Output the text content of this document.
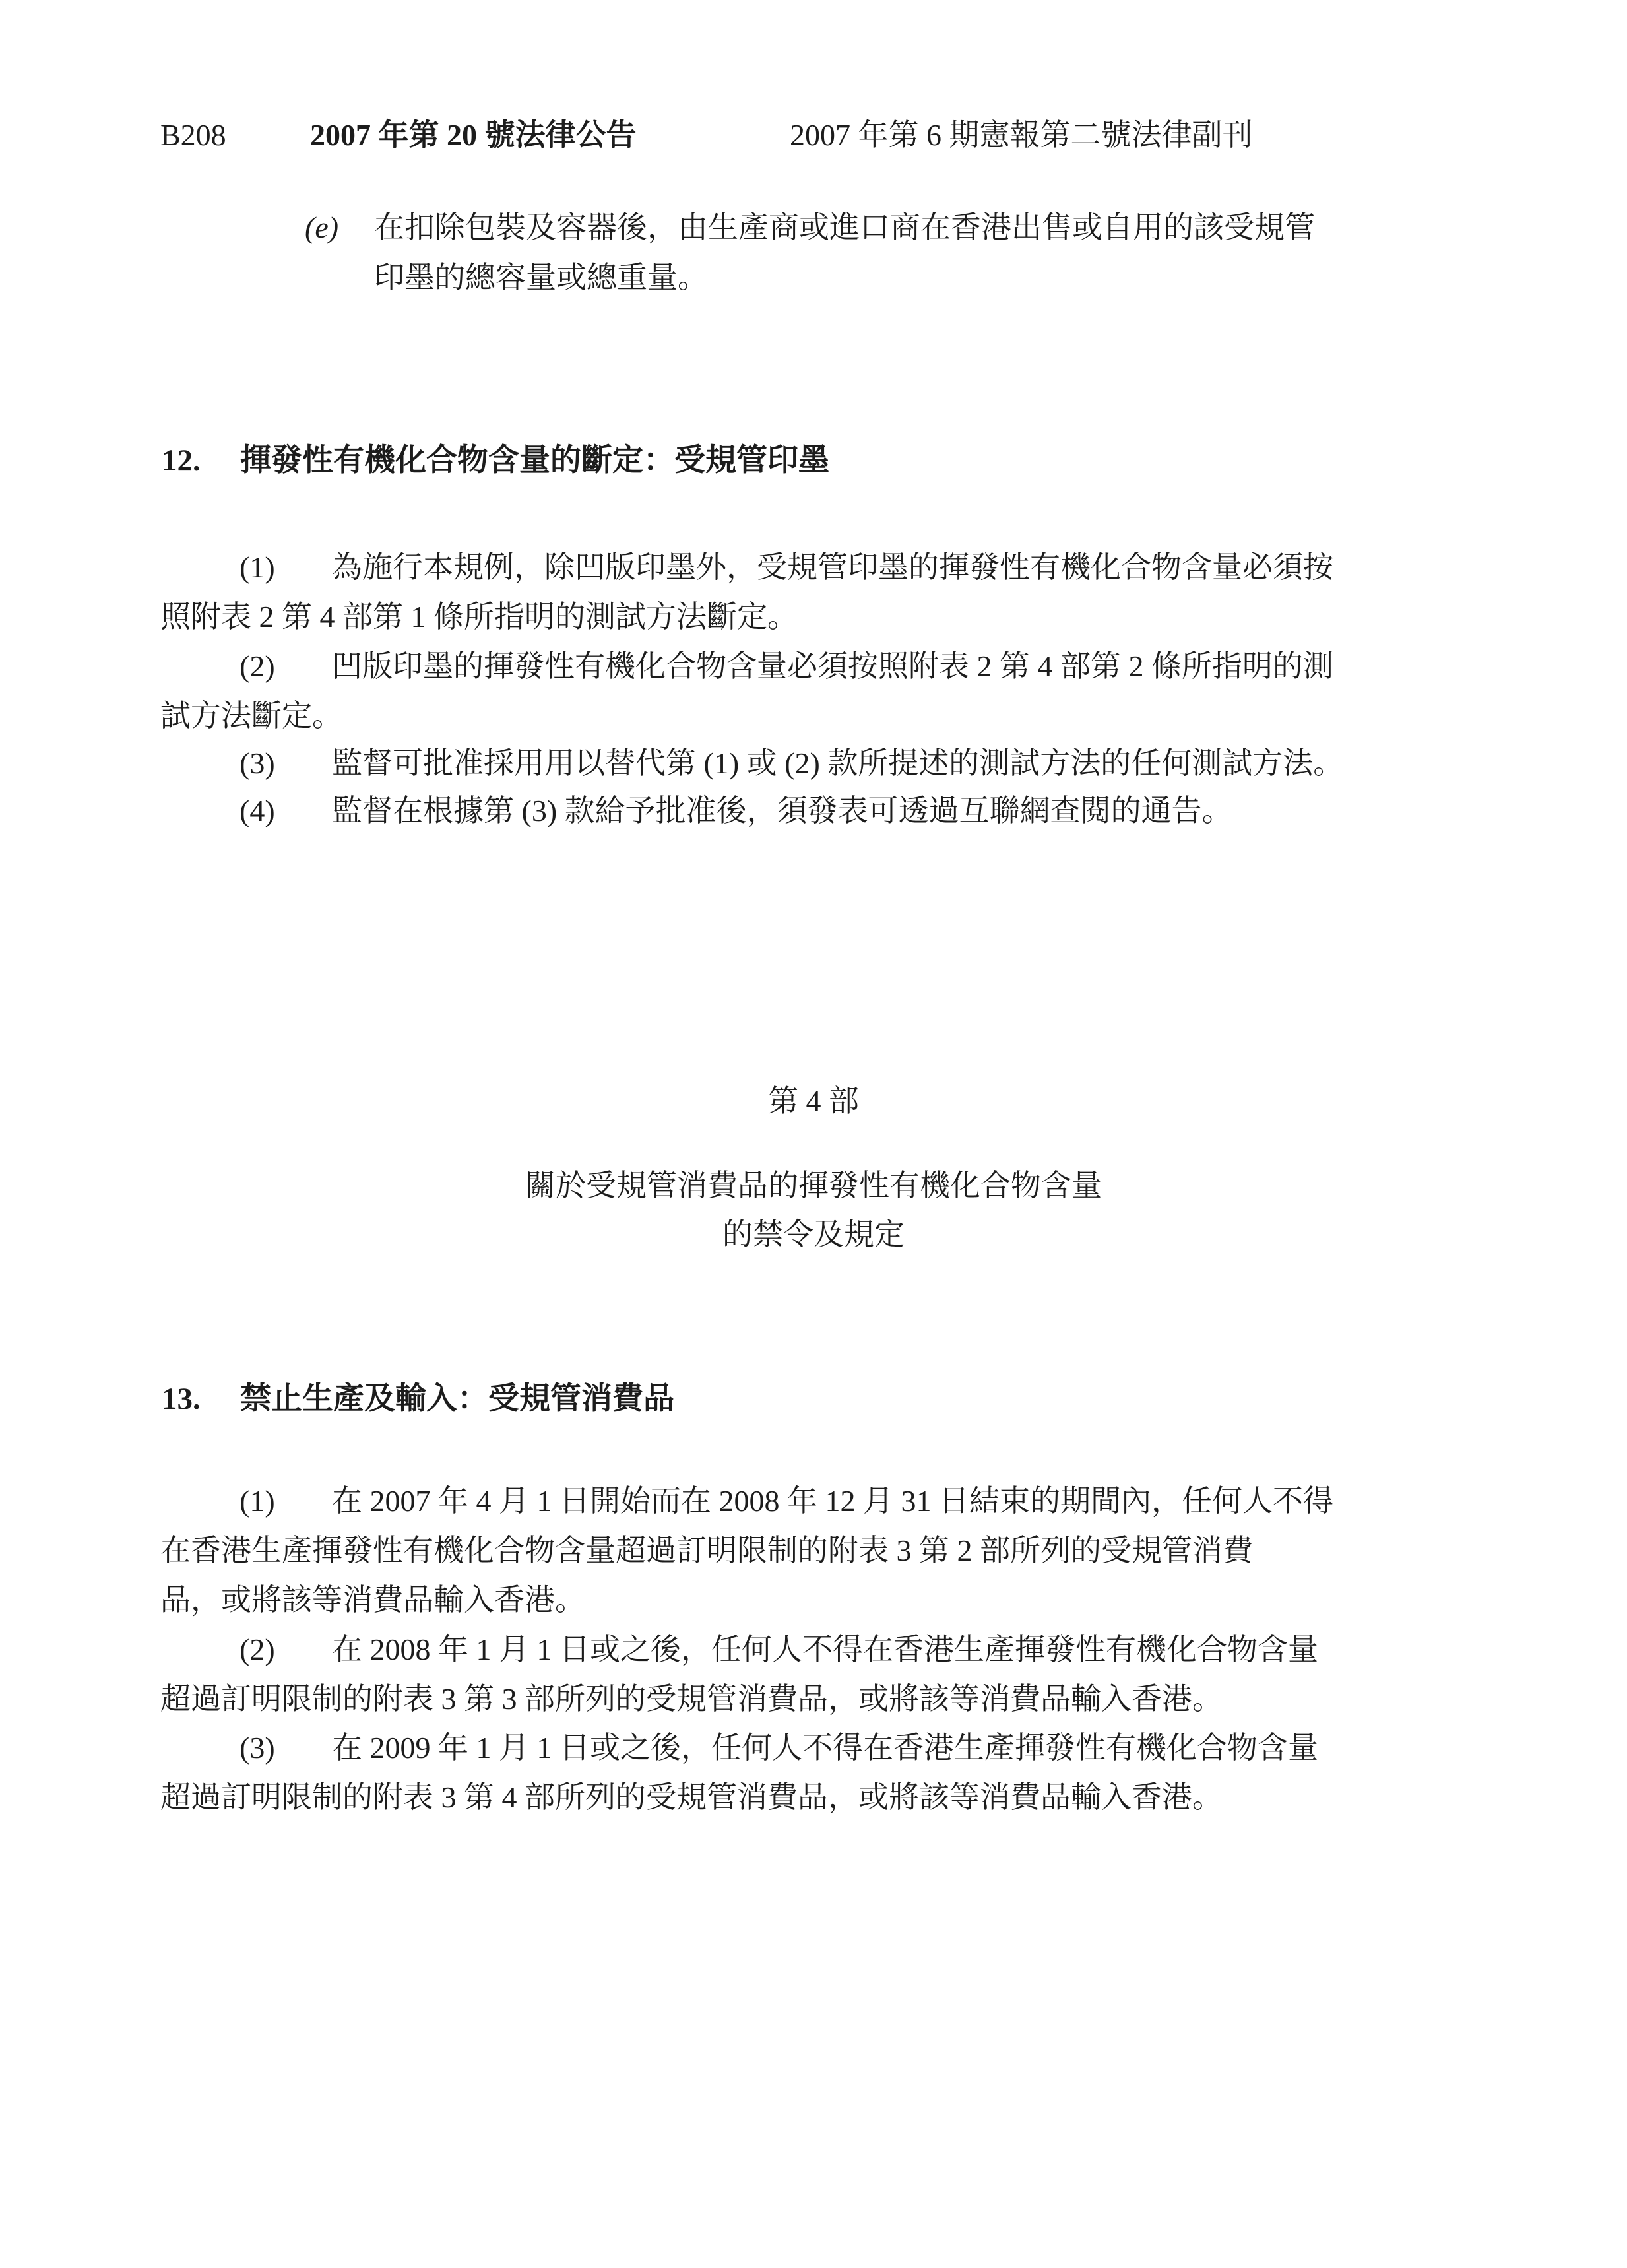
B208	2007 年第 20 號法律公告	2007 年第 6 期憲報第二號法律副刊
(e) 在扣除包裝及容器後，由生產商或進口商在香港出售或自用的該受規管
印墨的總容量或總重量。
12. 揮發性有機化合物含量的斷定：受規管印墨
(1) 為施行本規例，除凹版印墨外，受規管印墨的揮發性有機化合物含量必須按
照附表 2 第 4 部第 1 條所指明的測試方法斷定。
(2) 凹版印墨的揮發性有機化合物含量必須按照附表 2 第 4 部第 2 條所指明的測
試方法斷定。
(3) 監督可批准採用用以替代第 (1) 或 (2) 款所提述的測試方法的任何測試方法。
(4) 監督在根據第 (3) 款給予批准後，須發表可透過互聯網查閱的通告。
第 4 部
關於受規管消費品的揮發性有機化合物含量
的禁令及規定
13. 禁止生產及輸入：受規管消費品
(1) 在 2007 年 4 月 1 日開始而在 2008 年 12 月 31 日結束的期間內，任何人不得
在香港生產揮發性有機化合物含量超過訂明限制的附表 3 第 2 部所列的受規管消費
品，或將該等消費品輸入香港。
(2) 在 2008 年 1 月 1 日或之後，任何人不得在香港生產揮發性有機化合物含量
超過訂明限制的附表 3 第 3 部所列的受規管消費品，或將該等消費品輸入香港。
(3) 在 2009 年 1 月 1 日或之後，任何人不得在香港生產揮發性有機化合物含量
超過訂明限制的附表 3 第 4 部所列的受規管消費品，或將該等消費品輸入香港。
